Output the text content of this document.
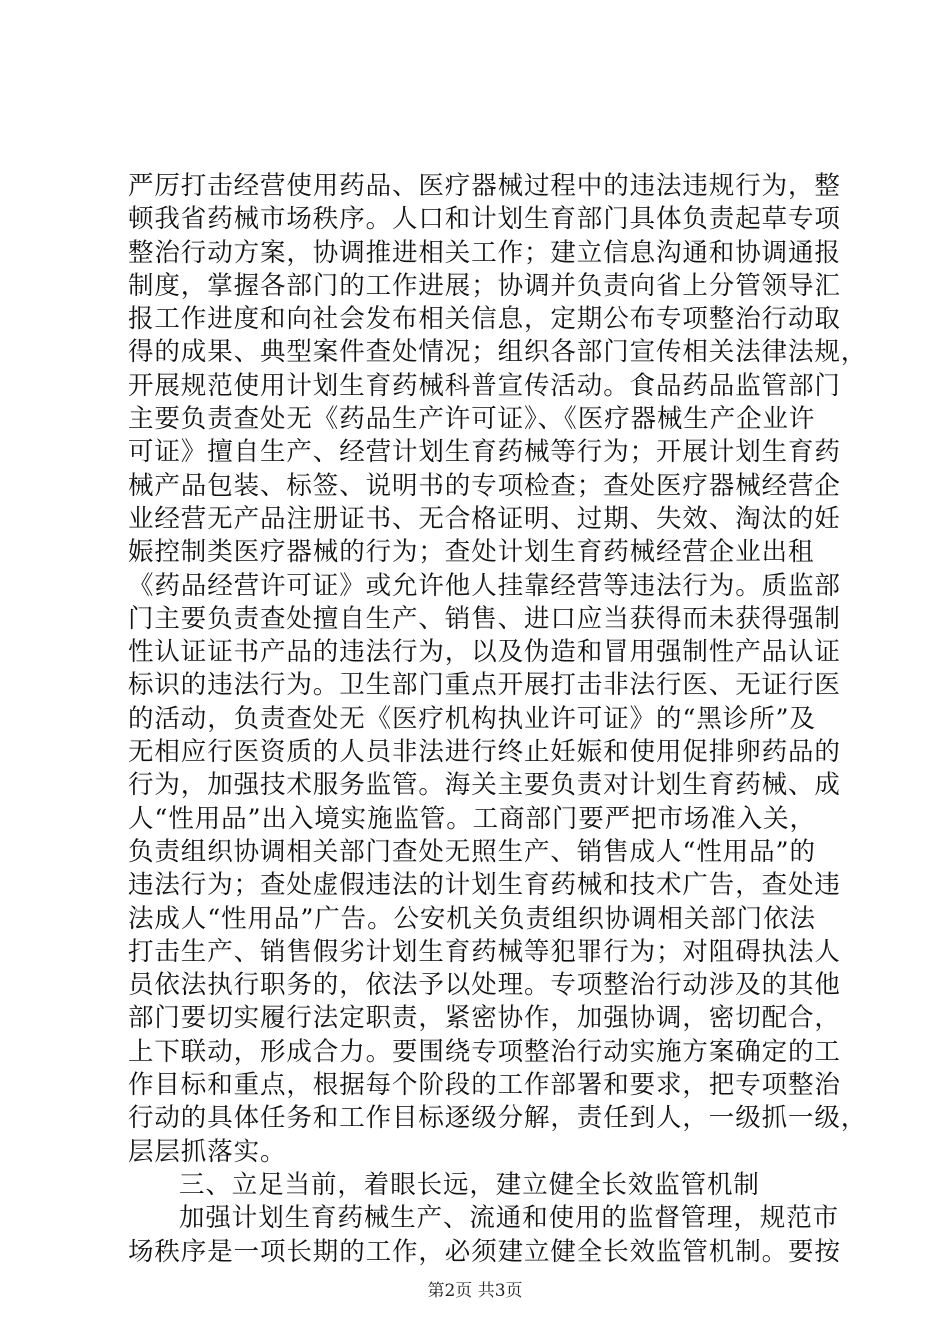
严厉打击经营使用药品、医疗器械过程中的违法违规行为，整
顿我省药械市场秩序。人口和计划生育部门具体负责起草专项
整治行动方案，协调推进相关工作；建立信息沟通和协调通报
制度，掌握各部门的工作进展；协调并负责向省上分管领导汇
报工作进度和向社会发布相关信息，定期公布专项整治行动取
得的成果、典型案件查处情况；组织各部门宣传相关法律法规，
开展规范使用计划生育药械科普宣传活动。食品药品监管部门
主要负责查处无《药品生产许可证》、《医疗器械生产企业许
可证》擅自生产、经营计划生育药械等行为；开展计划生育药
械产品包装、标签、说明书的专项检查；查处医疗器械经营企
业经营无产品注册证书、无合格证明、过期、失效、淘汰的妊
娠控制类医疗器械的行为；查处计划生育药械经营企业出租
《药品经营许可证》或允许他人挂靠经营等违法行为。质监部
门主要负责查处擅自生产、销售、进口应当获得而未获得强制
性认证证书产品的违法行为，以及伪造和冒用强制性产品认证
标识的违法行为。卫生部门重点开展打击非法行医、无证行医
的活动，负责查处无《医疗机构执业许可证》的“黑诊所”及
无相应行医资质的人员非法进行终止妊娠和使用促排卵药品的
行为，加强技术服务监管。海关主要负责对计划生育药械、成
人“性用品”出入境实施监管。工商部门要严把市场准入关，
负责组织协调相关部门查处无照生产、销售成人“性用品”的
违法行为；查处虚假违法的计划生育药械和技术广告，查处违
法成人“性用品”广告。公安机关负责组织协调相关部门依法
打击生产、销售假劣计划生育药械等犯罪行为；对阻碍执法人
员依法执行职务的，依法予以处理。专项整治行动涉及的其他
部门要切实履行法定职责，紧密协作，加强协调，密切配合，
上下联动，形成合力。要围绕专项整治行动实施方案确定的工
作目标和重点，根据每个阶段的工作部署和要求，把专项整治
行动的具体任务和工作目标逐级分解，责任到人，一级抓一级，
层层抓落实。
三、立足当前，着眼长远，建立健全长效监管机制
加强计划生育药械生产、流通和使用的监督管理，规范市
场秩序是一项长期的工作，必须建立健全长效监管机制。要按
第2页 共3页
